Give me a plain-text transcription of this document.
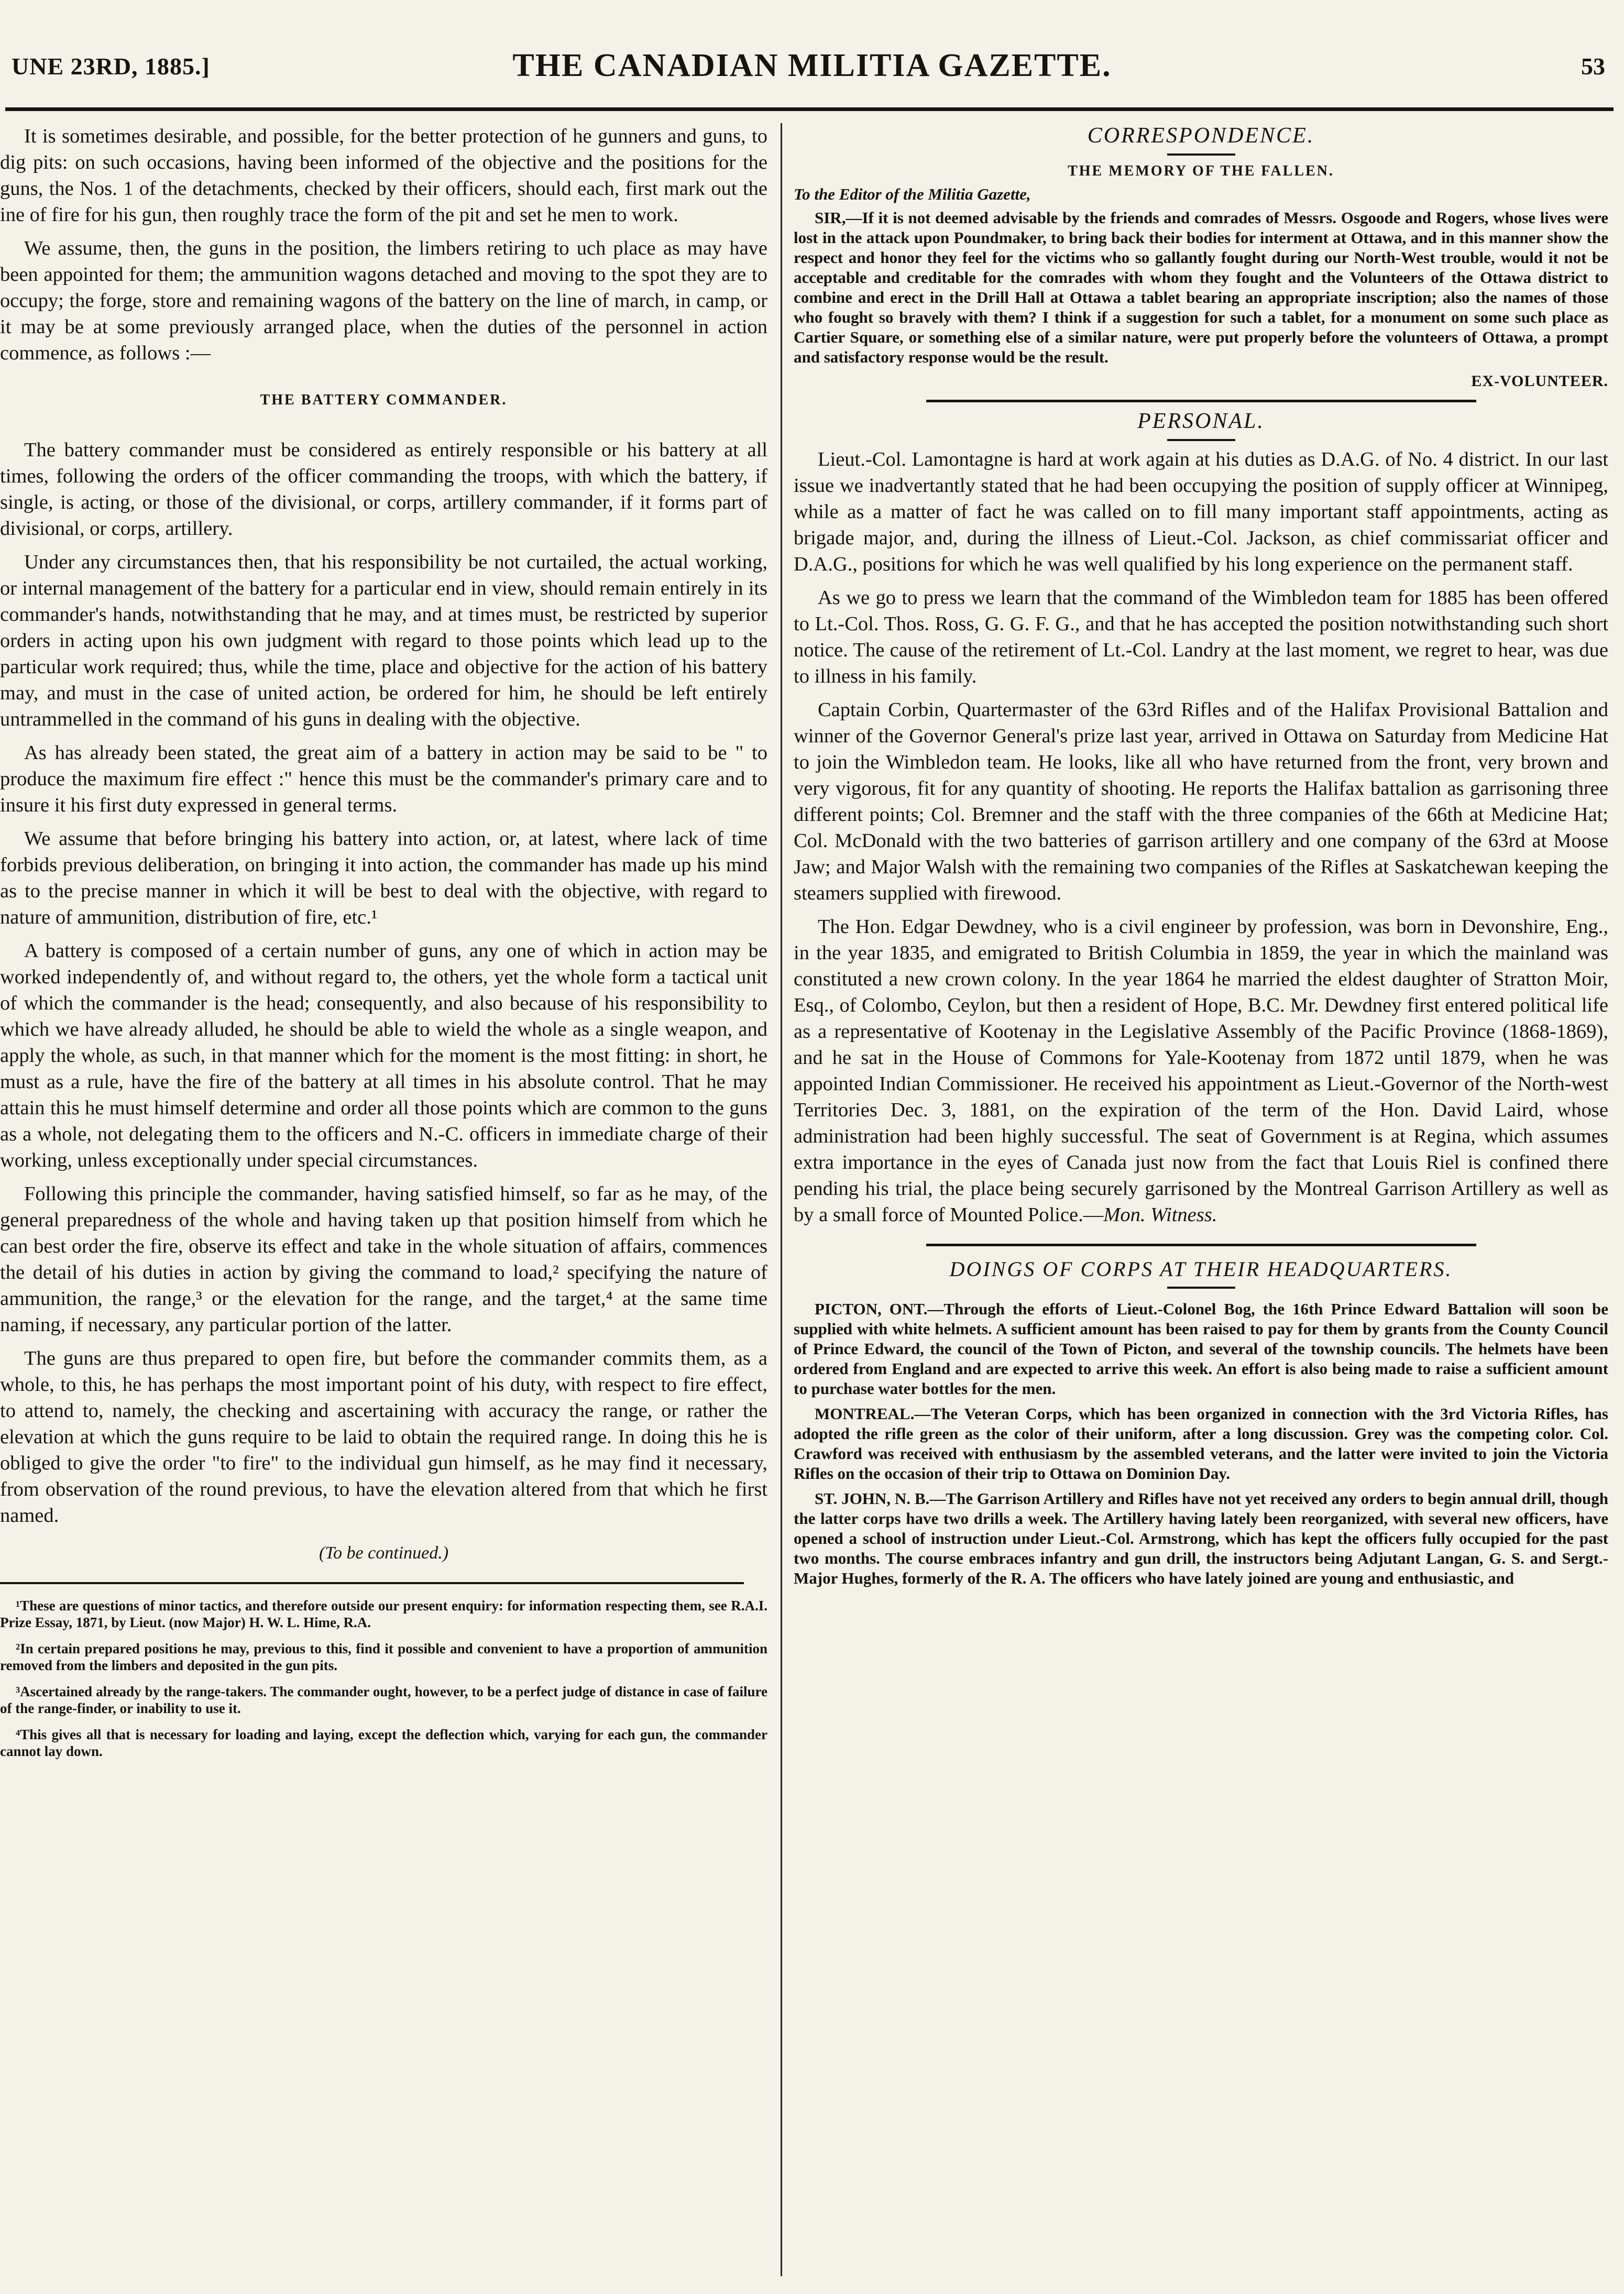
UNE 23RD, 1885.]	THE CANADIAN MILITIA GAZETTE.	53

It is sometimes desirable, and possible, for the better protection of he gunners and guns, to dig pits: on such occasions, having been informed of the objective and the positions for the guns, the Nos. 1 of the detachments, checked by their officers, should each, first mark out the ine of fire for his gun, then roughly trace the form of the pit and set he men to work.

We assume, then, the guns in the position, the limbers retiring to uch place as may have been appointed for them; the ammunition wagons detached and moving to the spot they are to occupy; the forge, store and remaining wagons of the battery on the line of march, in camp, or it may be at some previously arranged place, when the duties of the personnel in action commence, as follows :—

THE BATTERY COMMANDER.

The battery commander must be considered as entirely responsible or his battery at all times, following the orders of the officer commanding the troops, with which the battery, if single, is acting, or those of the divisional, or corps, artillery commander, if it forms part of divisional, or corps, artillery.

Under any circumstances then, that his responsibility be not curtailed, the actual working, or internal management of the battery for a particular end in view, should remain entirely in its commander's hands, notwithstanding that he may, and at times must, be restricted by superior orders in acting upon his own judgment with regard to those points which lead up to the particular work required; thus, while the time, place and objective for the action of his battery may, and must in the case of united action, be ordered for him, he should be left entirely untrammelled in the command of his guns in dealing with the objective.

As has already been stated, the great aim of a battery in action may be said to be " to produce the maximum fire effect :" hence this must be the commander's primary care and to insure it his first duty expressed in general terms.

We assume that before bringing his battery into action, or, at latest, where lack of time forbids previous deliberation, on bringing it into action, the commander has made up his mind as to the precise manner in which it will be best to deal with the objective, with regard to nature of ammunition, distribution of fire, etc.¹

A battery is composed of a certain number of guns, any one of which in action may be worked independently of, and without regard to, the others, yet the whole form a tactical unit of which the commander is the head; consequently, and also because of his responsibility to which we have already alluded, he should be able to wield the whole as a single weapon, and apply the whole, as such, in that manner which for the moment is the most fitting: in short, he must as a rule, have the fire of the battery at all times in his absolute control. That he may attain this he must himself determine and order all those points which are common to the guns as a whole, not delegating them to the officers and N.-C. officers in immediate charge of their working, unless exceptionally under special circumstances.

Following this principle the commander, having satisfied himself, so far as he may, of the general preparedness of the whole and having taken up that position himself from which he can best order the fire, observe its effect and take in the whole situation of affairs, commences the detail of his duties in action by giving the command to load,² specifying the nature of ammunition, the range,³ or the elevation for the range, and the target,⁴ at the same time naming, if necessary, any particular portion of the latter.

The guns are thus prepared to open fire, but before the commander commits them, as a whole, to this, he has perhaps the most important point of his duty, with respect to fire effect, to attend to, namely, the checking and ascertaining with accuracy the range, or rather the elevation at which the guns require to be laid to obtain the required range. In doing this he is obliged to give the order "to fire" to the individual gun himself, as he may find it necessary, from observation of the round previous, to have the elevation altered from that which he first named.

(To be continued.)

¹These are questions of minor tactics, and therefore outside our present enquiry: for information respecting them, see R.A.I. Prize Essay, 1871, by Lieut. (now Major) H. W. L. Hime, R.A.

²In certain prepared positions he may, previous to this, find it possible and convenient to have a proportion of ammunition removed from the limbers and deposited in the gun pits.

³Ascertained already by the range-takers. The commander ought, however, to be a perfect judge of distance in case of failure of the range-finder, or inability to use it.

⁴This gives all that is necessary for loading and laying, except the deflection which, varying for each gun, the commander cannot lay down.

CORRESPONDENCE.
THE MEMORY OF THE FALLEN.
To the Editor of the Militia Gazette,

SIR,—If it is not deemed advisable by the friends and comrades of Messrs. Osgoode and Rogers, whose lives were lost in the attack upon Poundmaker, to bring back their bodies for interment at Ottawa, and in this manner show the respect and honor they feel for the victims who so gallantly fought during our North-West trouble, would it not be acceptable and creditable for the comrades with whom they fought and the Volunteers of the Ottawa district to combine and erect in the Drill Hall at Ottawa a tablet bearing an appropriate inscription; also the names of those who fought so bravely with them? I think if a suggestion for such a tablet, for a monument on some such place as Cartier Square, or something else of a similar nature, were put properly before the volunteers of Ottawa, a prompt and satisfactory response would be the result.

EX-VOLUNTEER.
PERSONAL.

Lieut.-Col. Lamontagne is hard at work again at his duties as D.A.G. of No. 4 district. In our last issue we inadvertantly stated that he had been occupying the position of supply officer at Winnipeg, while as a matter of fact he was called on to fill many important staff appointments, acting as brigade major, and, during the illness of Lieut.-Col. Jackson, as chief commissariat officer and D.A.G., positions for which he was well qualified by his long experience on the permanent staff.

As we go to press we learn that the command of the Wimbledon team for 1885 has been offered to Lt.-Col. Thos. Ross, G. G. F. G., and that he has accepted the position notwithstanding such short notice. The cause of the retirement of Lt.-Col. Landry at the last moment, we regret to hear, was due to illness in his family.

Captain Corbin, Quartermaster of the 63rd Rifles and of the Halifax Provisional Battalion and winner of the Governor General's prize last year, arrived in Ottawa on Saturday from Medicine Hat to join the Wimbledon team. He looks, like all who have returned from the front, very brown and very vigorous, fit for any quantity of shooting. He reports the Halifax battalion as garrisoning three different points; Col. Bremner and the staff with the three companies of the 66th at Medicine Hat; Col. McDonald with the two batteries of garrison artillery and one company of the 63rd at Moose Jaw; and Major Walsh with the remaining two companies of the Rifles at Saskatchewan keeping the steamers supplied with firewood.

The Hon. Edgar Dewdney, who is a civil engineer by profession, was born in Devonshire, Eng., in the year 1835, and emigrated to British Columbia in 1859, the year in which the mainland was constituted a new crown colony. In the year 1864 he married the eldest daughter of Stratton Moir, Esq., of Colombo, Ceylon, but then a resident of Hope, B.C. Mr. Dewdney first entered political life as a representative of Kootenay in the Legislative Assembly of the Pacific Province (1868-1869), and he sat in the House of Commons for Yale-Kootenay from 1872 until 1879, when he was appointed Indian Commissioner. He received his appointment as Lieut.-Governor of the North-west Territories Dec. 3, 1881, on the expiration of the term of the Hon. David Laird, whose administration had been highly successful. The seat of Government is at Regina, which assumes extra importance in the eyes of Canada just now from the fact that Louis Riel is confined there pending his trial, the place being securely garrisoned by the Montreal Garrison Artillery as well as by a small force of Mounted Police.—Mon. Witness.

DOINGS OF CORPS AT THEIR HEADQUARTERS.

PICTON, ONT.—Through the efforts of Lieut.-Colonel Bog, the 16th Prince Edward Battalion will soon be supplied with white helmets. A sufficient amount has been raised to pay for them by grants from the County Council of Prince Edward, the council of the Town of Picton, and several of the township councils. The helmets have been ordered from England and are expected to arrive this week. An effort is also being made to raise a sufficient amount to purchase water bottles for the men.

MONTREAL.—The Veteran Corps, which has been organized in connection with the 3rd Victoria Rifles, has adopted the rifle green as the color of their uniform, after a long discussion. Grey was the competing color. Col. Crawford was received with enthusiasm by the assembled veterans, and the latter were invited to join the Victoria Rifles on the occasion of their trip to Ottawa on Dominion Day.

ST. JOHN, N. B.—The Garrison Artillery and Rifles have not yet received any orders to begin annual drill, though the latter corps have two drills a week. The Artillery having lately been reorganized, with several new officers, have opened a school of instruction under Lieut.-Col. Armstrong, which has kept the officers fully occupied for the past two months. The course embraces infantry and gun drill, the instructors being Adjutant Langan, G. S. and Sergt.-Major Hughes, formerly of the R. A. The officers who have lately joined are young and enthusiastic, and
